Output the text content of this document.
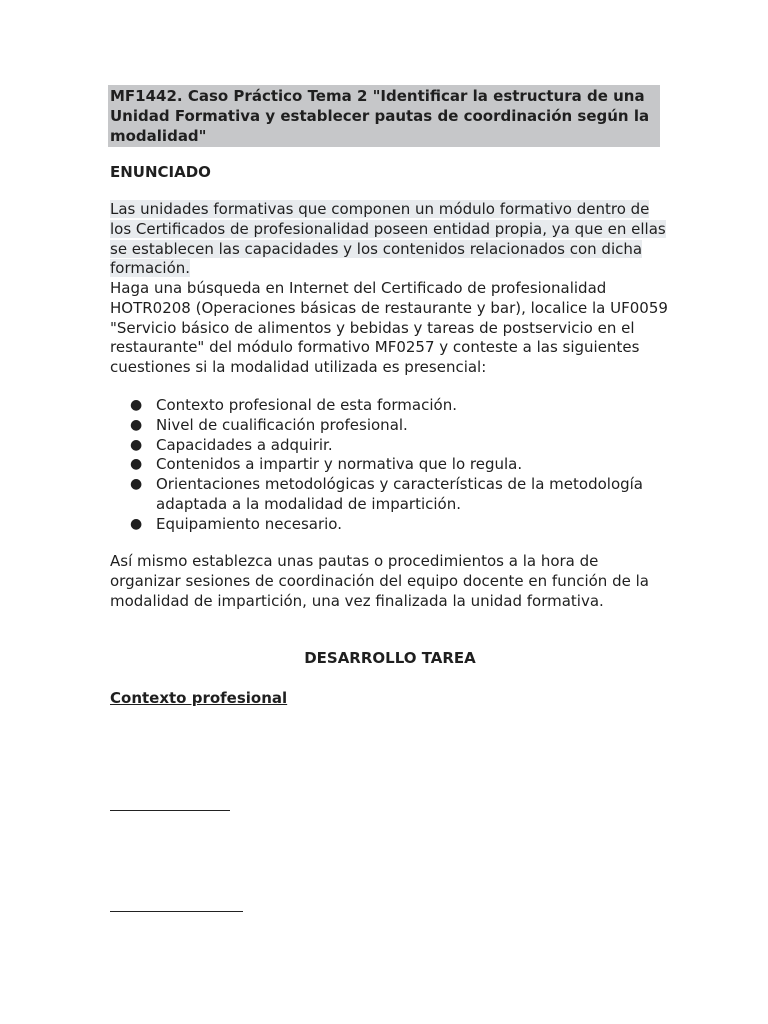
MF1442. Caso Práctico Tema 2 "Identificar la estructura de una Unidad Formativa y establecer pautas de coordinación según la modalidad"
ENUNCIADO

Las unidades formativas que componen un módulo formativo dentro de los Certificados de profesionalidad poseen entidad propia, ya que en ellas se establecen las capacidades y los contenidos relacionados con dicha formación.

Haga una búsqueda en Internet del Certificado de profesionalidad HOTR0208 (Operaciones básicas de restaurante y bar), localice la UF0059 "Servicio básico de alimentos y bebidas y tareas de postservicio en el restaurante" del módulo formativo MF0257 y conteste a las siguientes cuestiones si la modalidad utilizada es presencial:

● Contexto profesional de esta formación.
● Nivel de cualificación profesional.
● Capacidades a adquirir.
● Contenidos a impartir y normativa que lo regula.
● Orientaciones metodológicas y características de la metodología adaptada a la modalidad de impartición.
● Equipamiento necesario.

Así mismo establezca unas pautas o procedimientos a la hora de organizar sesiones de coordinación del equipo docente en función de la modalidad de impartición, una vez finalizada la unidad formativa.

DESARROLLO TAREA
Contexto profesional
